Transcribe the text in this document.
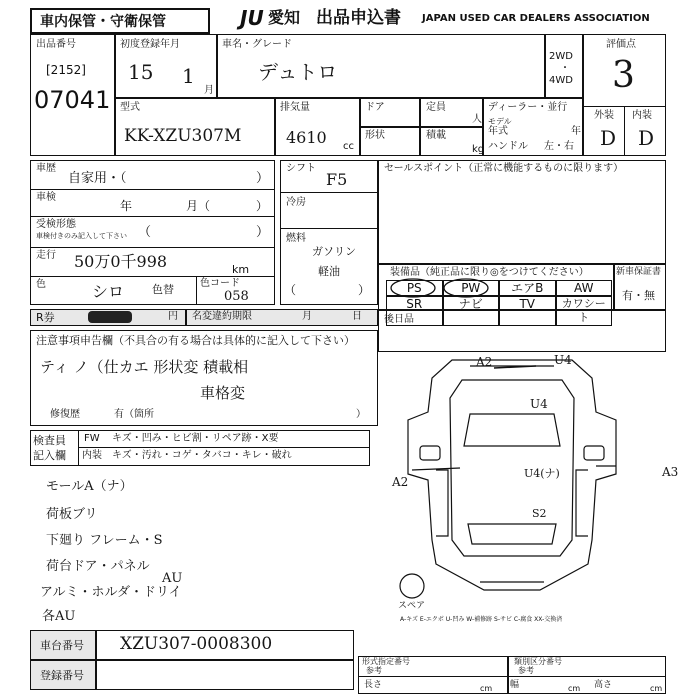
車内保管・守衛保管	JU 愛知 出品申込書 JAPAN USED CAR DEALERS ASSOCIATION
出品番号
[2152]
07041
初度登録年月
15 1
月
車名・グレード
デュトロ
2WD
・
4WD
評価点
3
外装 内装
D D
型式
KK-XZU307M
排気量
4610 cc
ドア	定員
人
形状	積載
kg
ディーラー・並行
モデル
年式	年
ハンドル 左・右
車歴
自家用・（	）
車検
年	月（	）
受検形態
車検付きのみ記入して下さい （	）
走行 50万0千998	km
色	シロ	色替	色コード
058
シフト
F5
冷房
燃料
ガソリン
軽油
（	）
セールスポイント（正常に機能するものに限ります）
装備品（純正品に限り◎をつけてください）
PS	PW	エアB	AW
SR	ナビ	TV	カワシート
新車保証書
有・無
R券	円 名変違約期限	月	日 後日品
注意事項申告欄（不具合の有る場合は具体的に記入して下さい）
ティ ノ（仕カエ 形状変 積載相
車格変
修復歴	有（箇所	）
検査員
記入欄
FW キズ・凹み・ヒビ割・リペア跡・X要
内装 キズ・汚れ・コゲ・タバコ・キレ・破れ
モールA（ナ）
荷板ブリ
下廻り フレーム・S
荷台ドア・パネル
アルミ・ホルダ・ドリイ
各AU
AU
A2	U4
U4
A2
A3
U4(ナ)
S2
スペア
A-キズ E-エクボ U-凹み W-補修跡 S-サビ C-腐食 XX-交換済
車台番号 XZU307-0008300
登録番号
形式指定番号
参考
類別区分番号
参考
長さ	cm 幅	cm 高さ	cm
